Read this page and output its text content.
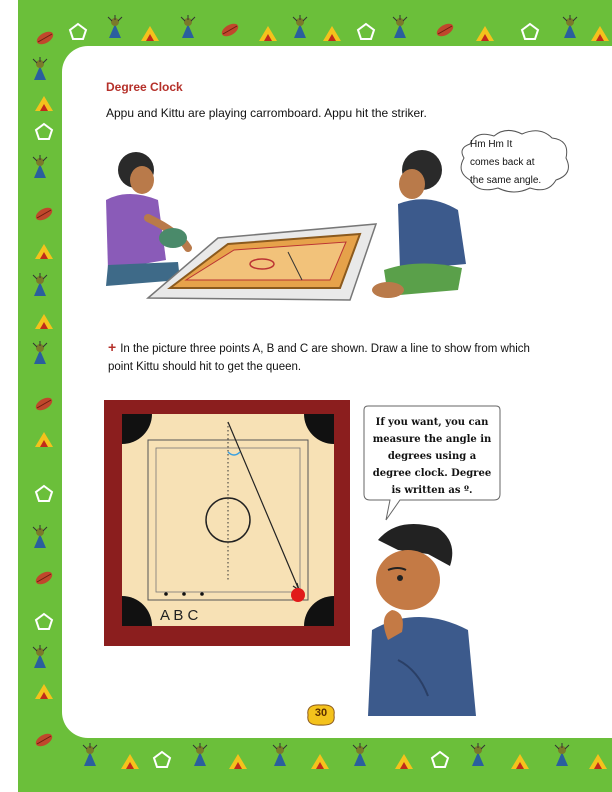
Degree Clock

Appu and Kittu are playing carromboard. Appu hit the striker.

Hm Hm It
comes back at
the same angle.

+ In the picture three points A, B and C are shown. Draw a line to show from which point Kittu should hit to get the queen.

A B C

If you want, you can
measure the angle in
degrees using a
degree clock. Degree
is written as º.

30
